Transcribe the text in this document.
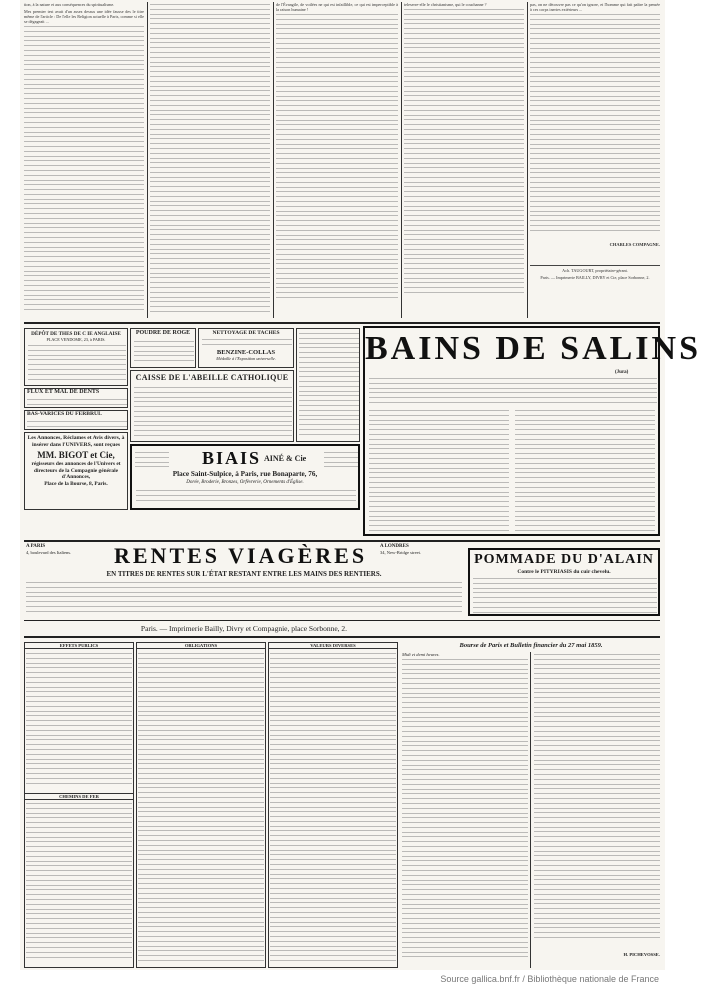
tion, à la nature et aux conséquences du spiritualisme.
Mes premier test avait d'un assez dessus une idée fausse des le titre même de l'article : De l'elle les Religion actuelle à Paris, comme si elle se dégageait ...
de l'Évangile, de voilées ne qui est infaillible, ce qui est imperceptible à la raison humaine !
teleserre-elle le christianisme, qui le couchanne ?	pas, on ne découvre pas ce qu'on ignore, et l'homme qui fait paître la pensée à ces corps inertes extérieurs ...
CHARLES COMPAGNE.
Ach. TAUGOURT, propriétaire-gérant.
Paris. — Imprimerie BAILLY, DIVRY et Cie, place Sorbonne, 2.
DÉPÔT DE THES DE C IE ANGLAISE
PLACE VENDOME, 23, à PARIS.
POUDRE DE ROGE	NETTOYAGE DE TACHES
BENZINE-COLLAS
Médaille à l'Exposition universelle.
FLUX ET MAL DE DENTS
BAS-VARICES DU FERBRUL
Les Annonces, Réclames et Avis divers, à insérer dans l'UNIVERS, sont reçues
MM. BIGOT et Cie,
régisseurs des annonces de l'Univers et directeurs de la Compagnie générale d'Annonces,
Place de la Bourse, 8, Paris.
CAISSE DE L'ABEILLE CATHOLIQUE
BIAIS AINÉ & Cie
Place Saint-Sulpice, à Paris, rue Bonaparte, 76,
Dorée, Broderie, Bronzes, Orfèvrerie, Ornements d'Église.
BAINS DE SALINS
(Jura)
A PARIS
4, boulevard des Italiens. RENTES VIAGÈRES	A LONDRES
34, New-Bridge street.
EN TITRES DE RENTES SUR L'ÉTAT RESTANT ENTRE LES MAINS DES RENTIERS.
POMMADE DU D'ALAIN
Contre le PITYRIASIS du cuir chevelu.
Paris. — Imprimerie Bailly, Divry et Compagnie, place Sorbonne, 2.
EFFETS PUBLICS
CHEMINS DE FER
OBLIGATIONS	VALEURS DIVERSES	Bourse de Paris et Bulletin financier du 27 mai 1859.
Midi et demi heures.
H. PICHEVOSSE.
Source gallica.bnf.fr / Bibliothèque nationale de France
